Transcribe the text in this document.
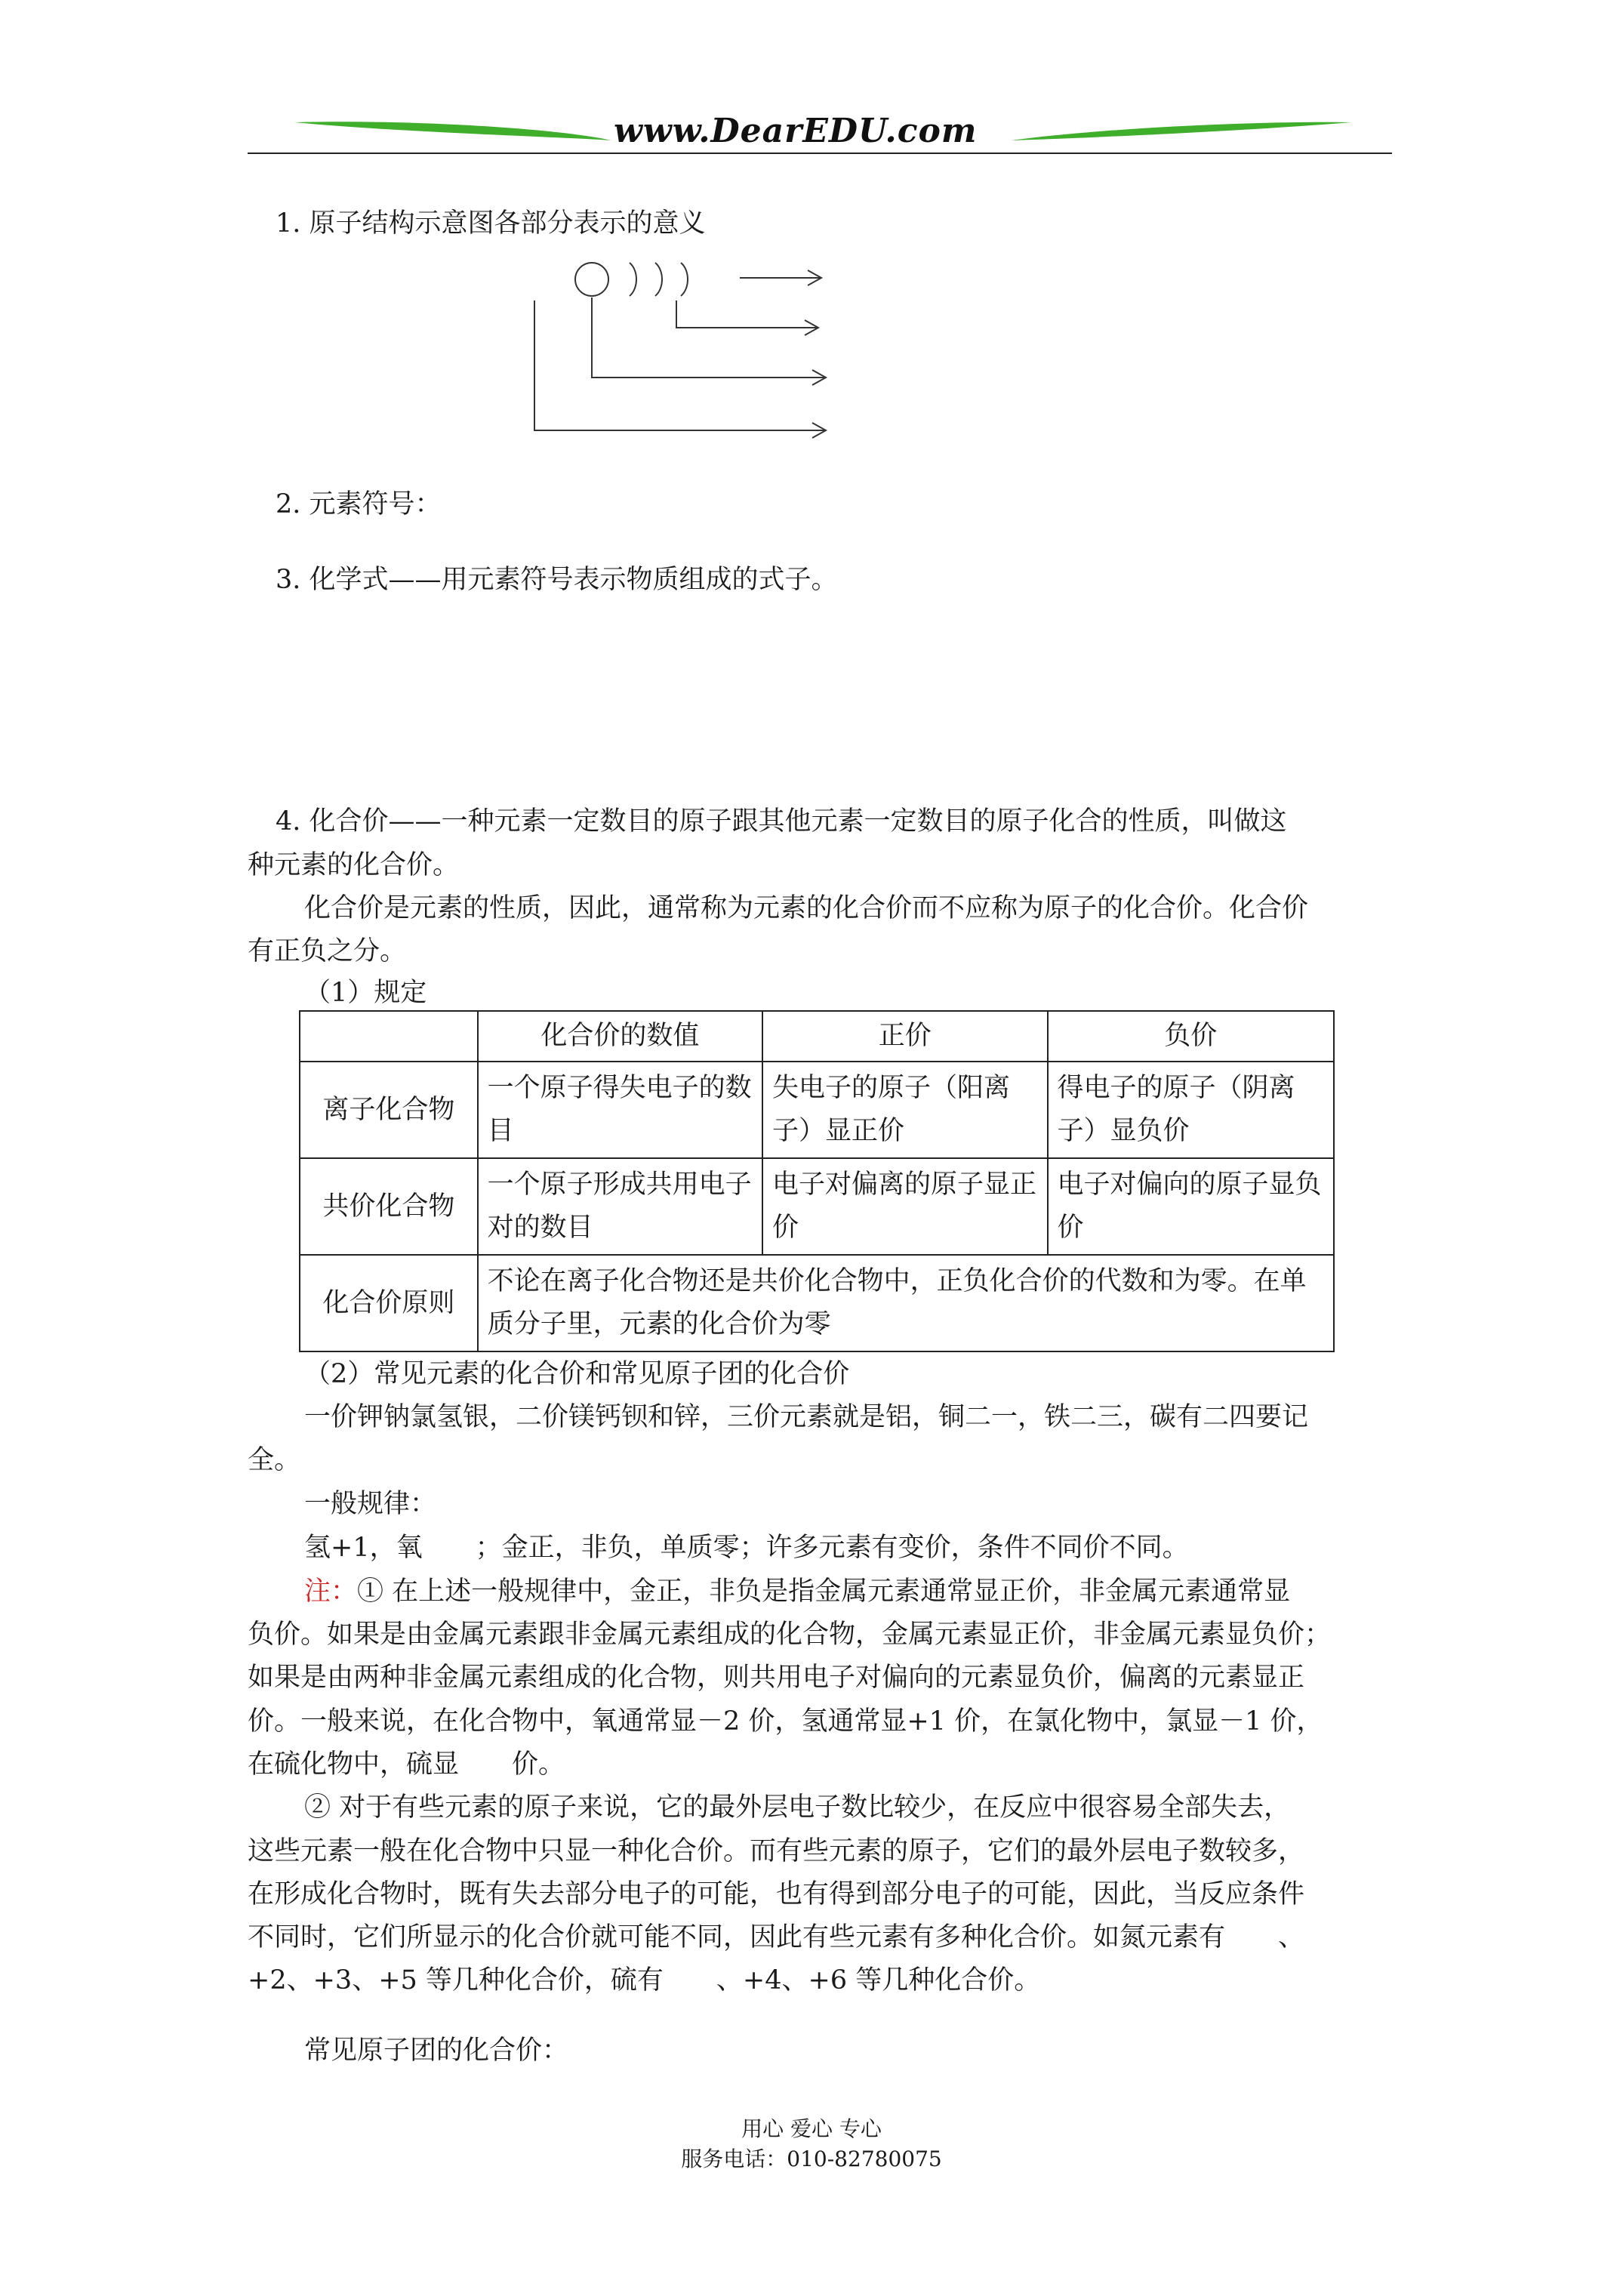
www.DearEDU.com
1. 原子结构示意图各部分表示的意义
2. 元素符号：
3. 化学式——用元素符号表示物质组成的式子。
4. 化合价——一种元素一定数目的原子跟其他元素一定数目的原子化合的性质，叫做这
种元素的化合价。
化合价是元素的性质，因此，通常称为元素的化合价而不应称为原子的化合价。化合价
有正负之分。
（1）规定
	化合价的数值	正价	负价
离子化合物	一个原子得失电子的数目	失电子的原子（阳离子）显正价	得电子的原子（阴离子）显负价
共价化合物	一个原子形成共用电子对的数目	电子对偏离的原子显正价	电子对偏向的原子显负价
化合价原则	不论在离子化合物还是共价化合物中，正负化合价的代数和为零。在单质分子里，元素的化合价为零		
（2）常见元素的化合价和常见原子团的化合价
一价钾钠氯氢银，二价镁钙钡和锌，三价元素就是铝，铜二一，铁二三，碳有二四要记
全。
一般规律：
氢+1，氧　　；金正，非负，单质零；许多元素有变价，条件不同价不同。
注：① 在上述一般规律中，金正，非负是指金属元素通常显正价，非金属元素通常显
负价。如果是由金属元素跟非金属元素组成的化合物，金属元素显正价，非金属元素显负价；
如果是由两种非金属元素组成的化合物，则共用电子对偏向的元素显负价，偏离的元素显正
价。一般来说，在化合物中，氧通常显－2 价，氢通常显+1 价，在氯化物中，氯显－1 价，
在硫化物中，硫显　　价。
② 对于有些元素的原子来说，它的最外层电子数比较少，在反应中很容易全部失去，
这些元素一般在化合物中只显一种化合价。而有些元素的原子，它们的最外层电子数较多，
在形成化合物时，既有失去部分电子的可能，也有得到部分电子的可能，因此，当反应条件
不同时，它们所显示的化合价就可能不同，因此有些元素有多种化合价。如氮元素有　　、
+2、+3、+5 等几种化合价，硫有　　、+4、+6 等几种化合价。
常见原子团的化合价：
用心 爱心 专心
服务电话：010-82780075
